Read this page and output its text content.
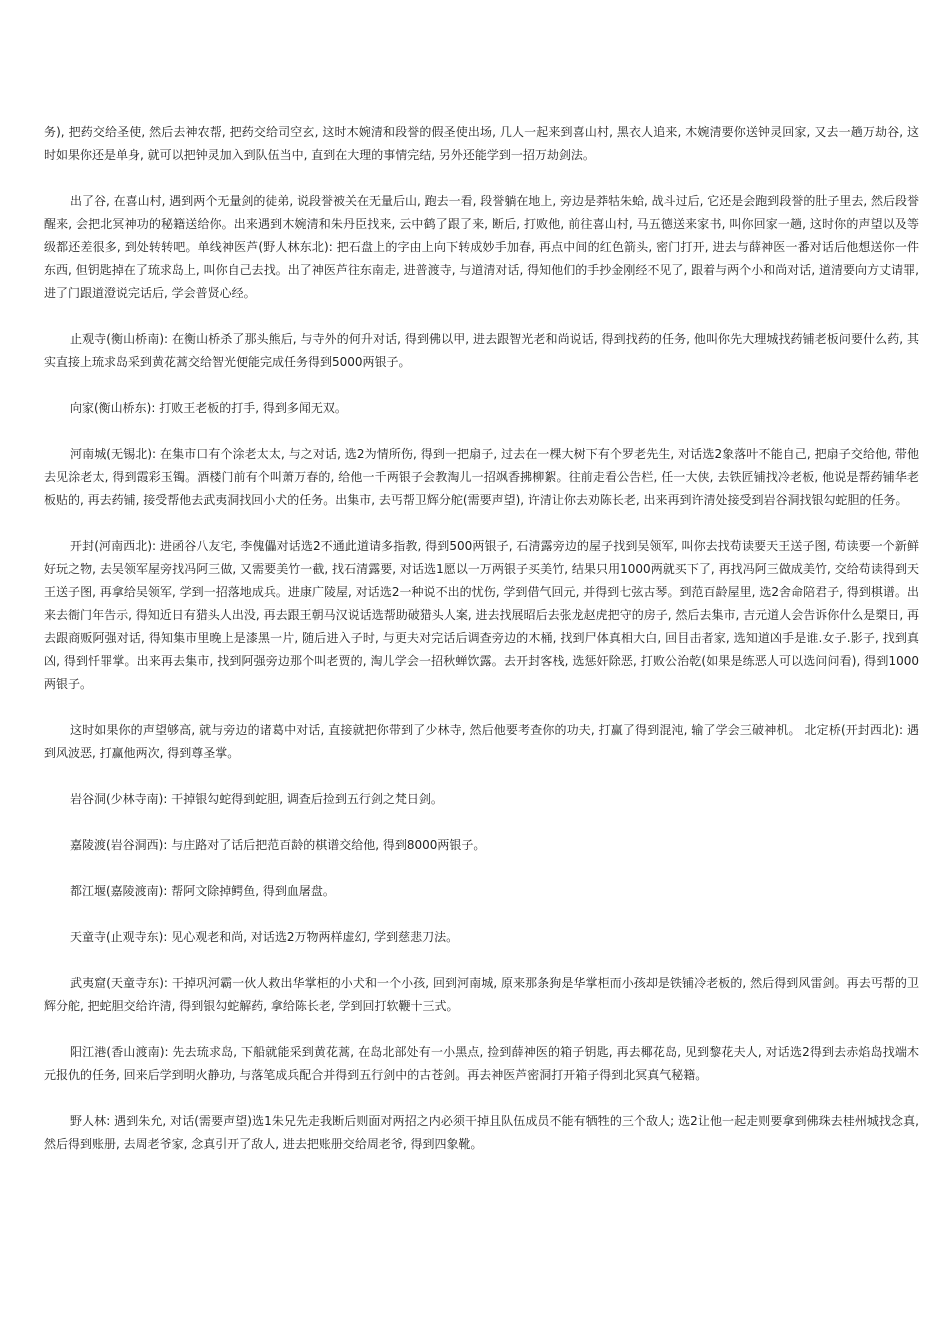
务), 把药交给圣使, 然后去神农帮, 把药交给司空玄, 这时木婉清和段誉的假圣使出场, 几人一起来到喜山村, 黑衣人追来, 木婉清要你送钟灵回家, 又去一趟万劫谷, 这时如果你还是单身, 就可以把钟灵加入到队伍当中, 直到在大理的事情完结, 另外还能学到一招万劫剑法。

出了谷, 在喜山村, 遇到两个无量剑的徒弟, 说段誉被关在无量后山, 跑去一看, 段誉躺在地上, 旁边是莽牯朱蛤, 战斗过后, 它还是会跑到段誉的肚子里去, 然后段誉醒来, 会把北冥神功的秘籍送给你。出来遇到木婉清和朱丹臣找来, 云中鹤了跟了来, 断后, 打败他, 前往喜山村, 马五德送来家书, 叫你回家一趟, 这时你的声望以及等级都还差很多, 到处转转吧。单线神医芦(野人林东北): 把石盘上的字由上向下转成妙手加春, 再点中间的红色箭头, 密门打开, 进去与薛神医一番对话后他想送你一件东西, 但钥匙掉在了琉求岛上, 叫你自己去找。出了神医芦往东南走, 进普渡寺, 与道清对话, 得知他们的手抄金刚经不见了, 跟着与两个小和尚对话, 道清要向方丈请罪, 进了门跟道澄说完话后, 学会普贤心经。

止观寺(衡山桥南): 在衡山桥杀了那头熊后, 与寺外的何升对话, 得到佛以甲, 进去跟智光老和尚说话, 得到找药的任务, 他叫你先大理城找药铺老板问要什么药, 其实直接上琉求岛采到黄花蒿交给智光便能完成任务得到5000两银子。

向家(衡山桥东): 打败王老板的打手, 得到多闻无双。

河南城(无锡北): 在集市口有个涂老太太, 与之对话, 选2为情所伤, 得到一把扇子, 过去在一棵大树下有个罗老先生, 对话选2象落叶不能自己, 把扇子交给他, 带他去见涂老太, 得到霞彩玉镯。酒楼门前有个叫萧万春的, 给他一千两银子会教淘儿一招飒香拂柳絮。往前走看公告栏, 任一大侠, 去铁匠铺找冷老板, 他说是帮药铺华老板贴的, 再去药铺, 接受帮他去武夷洞找回小犬的任务。出集市, 去丐帮卫辉分舵(需要声望), 许清让你去劝陈长老, 出来再到许清处接受到岩谷洞找银勾蛇胆的任务。

开封(河南西北): 进函谷八友宅, 李傀儡对话选2不通此道请多指教, 得到500两银子, 石清露旁边的屋子找到吴领军, 叫你去找苟读要天王送子图, 苟读要一个新鲜好玩之物, 去吴领军屋旁找冯阿三做, 又需要美竹一截, 找石清露要, 对话选1愿以一万两银子买美竹, 结果只用1000两就买下了, 再找冯阿三做成美竹, 交给苟读得到天王送子图, 再拿给吴领军, 学到一招落地成兵。进康广陵屋, 对话选2一种说不出的忧伤, 学到借气回元, 并得到七弦古琴。到范百龄屋里, 选2舍命陪君子, 得到棋谱。出来去衙门年告示, 得知近日有猎头人出没, 再去跟王朝马汉说话选帮助破猎头人案, 进去找展昭后去张龙赵虎把守的房子, 然后去集市, 吉元道人会告诉你什么是槊日, 再去跟商贩阿强对话, 得知集市里晚上是漆黑一片, 随后进入子时, 与更夫对完话后调查旁边的木桶, 找到尸体真相大白, 回目击者家, 选知道凶手是谁.女子.影子, 找到真凶, 得到忏罪掌。出来再去集市, 找到阿强旁边那个叫老贾的, 淘儿学会一招秋蝉饮露。去开封客栈, 选惩奸除恶, 打败公治乾(如果是练恶人可以选问问看), 得到1000两银子。

这时如果你的声望够高, 就与旁边的诸葛中对话, 直接就把你带到了少林寺, 然后他要考查你的功夫, 打赢了得到混沌, 输了学会三破神机。 北定桥(开封西北): 遇到风波恶, 打赢他两次, 得到尊圣掌。

岩谷洞(少林寺南): 干掉银勾蛇得到蛇胆, 调查后捡到五行剑之梵日剑。

嘉陵渡(岩谷洞西): 与庄路对了话后把范百龄的棋谱交给他, 得到8000两银子。

都江堰(嘉陵渡南): 帮阿文除掉鳄鱼, 得到血屠盘。

天童寺(止观寺东): 见心观老和尚, 对话选2万物两样虚幻, 学到慈悲刀法。

武夷窟(天童寺东): 干掉巩河霸一伙人救出华掌柜的小犬和一个小孩, 回到河南城, 原来那条狗是华掌柜而小孩却是铁铺冷老板的, 然后得到风雷剑。再去丐帮的卫辉分舵, 把蛇胆交给许清, 得到银勾蛇解药, 拿给陈长老, 学到回打软鞭十三式。

阳江港(香山渡南): 先去琉求岛, 下船就能采到黄花蒿, 在岛北部处有一小黑点, 捡到薛神医的箱子钥匙, 再去椰花岛, 见到黎花夫人, 对话选2得到去赤焰岛找端木元报仇的任务, 回来后学到明火静功, 与落笔成兵配合并得到五行剑中的古苍剑。再去神医芦密洞打开箱子得到北冥真气秘籍。

野人林: 遇到朱允, 对话(需要声望)选1朱兄先走我断后则面对两招之内必须干掉且队伍成员不能有牺牲的三个敌人; 选2让他一起走则要拿到佛珠去桂州城找念真, 然后得到账册, 去周老爷家, 念真引开了敌人, 进去把账册交给周老爷, 得到四象靴。
